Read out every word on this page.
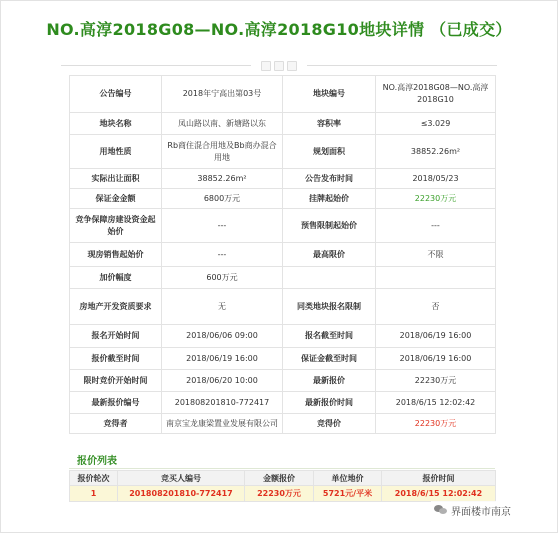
NO.高淳2018G08—NO.高淳2018G10地块详情 （已成交）
公告编号	2018年宁高出第03号	地块编号	NO.高淳2018G08—NO.高淳2018G10
地块名称	凤山路以南、新塘路以东	容积率	≤3.029
用地性质	Rb商住混合用地及Bb商办混合用地	规划面积	38852.26m²
实际出让面积	38852.26m²	公告发布时间	2018/05/23
保证金金额	6800万元	挂牌起始价	22230万元
竞争保障房建设资金起始价	---	预售限制起始价	---
现房销售起始价	---	最高限价	不限
加价幅度	600万元		
房地产开发资质要求	无	同类地块报名限制	否
报名开始时间	2018/06/06 09:00	报名截至时间	2018/06/19 16:00
报价截至时间	2018/06/19 16:00	保证金截至时间	2018/06/19 16:00
限时竞价开始时间	2018/06/20 10:00	最新报价	22230万元
最新报价编号	201808201810-772417	最新报价时间	2018/6/15 12:02:42
竞得者	南京宝龙康梁置业发展有限公司	竞得价	22230万元
报价列表
报价轮次	竞买人编号	金额报价	单位地价	报价时间
1	201808201810-772417	22230万元	5721元/平米	2018/6/15 12:02:42
界面楼市南京
